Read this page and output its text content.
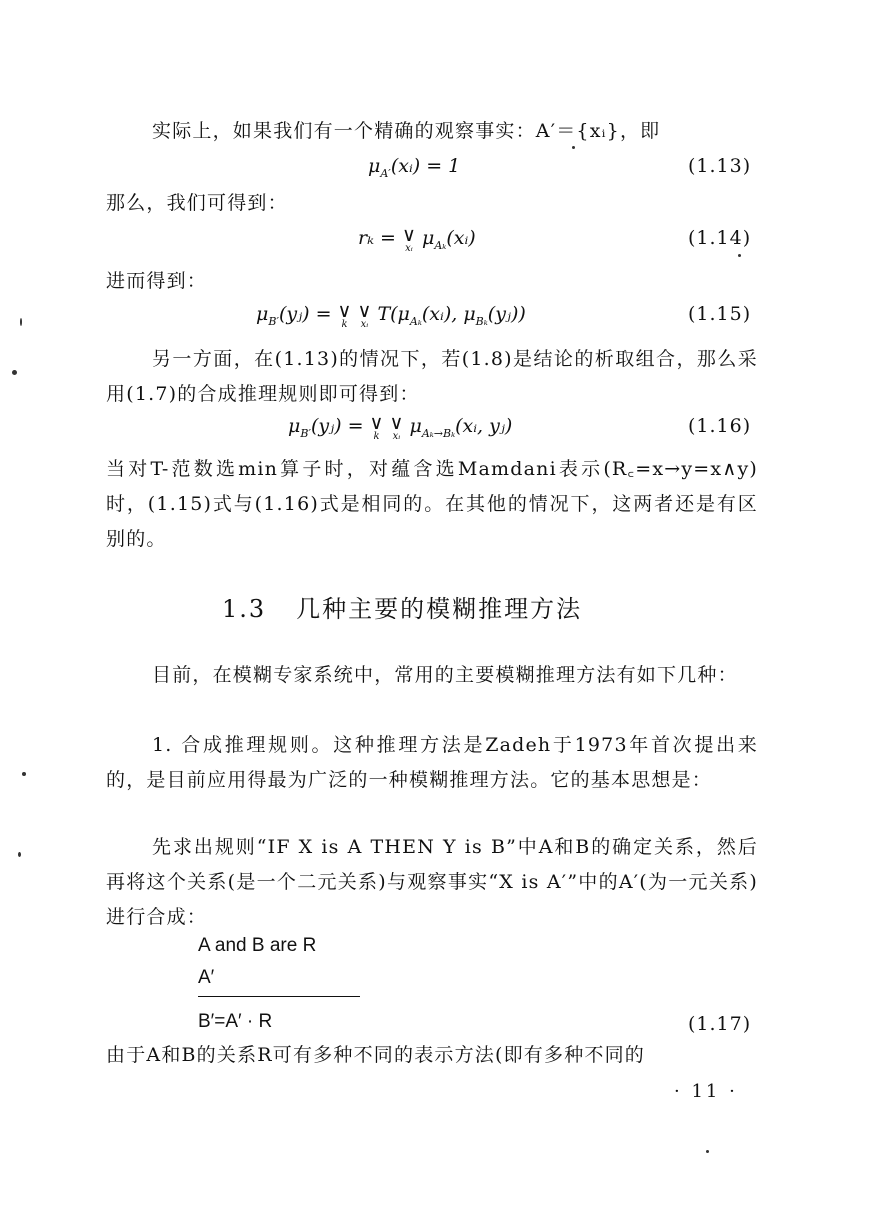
实际上，如果我们有一个精确的观察事实：A′＝{xᵢ}，即

$\mu_{A'}(xᵢ) = 1$	(1.13)

那么，我们可得到：

rₖ = ∨
xᵢ $\mu_{A_k}(xᵢ)$	(1.14)

进而得到：

$\mu_{B'}(yⱼ)$ = ∨
k
∨
xᵢ $T(\mu_{A_k}(xᵢ)$, $\mu_{B_k}(yⱼ)$)	(1.15)

另一方面，在(1.13)的情况下，若(1.8)是结论的析取组合，那么采用(1.7)的合成推理规则即可得到：

$\mu_{B'}(yⱼ)$ = ∨
k
∨
xᵢ $\mu_{A_k\to B_k}(xᵢ$, yⱼ)	(1.16)

当对T-范数选min算子时，对蕴含选Mamdani表示(R꜀=x→y=x∧y)时，(1.15)式与(1.16)式是相同的。在其他的情况下，这两者还是有区别的。

1.3 几种主要的模糊推理方法

目前，在模糊专家系统中，常用的主要模糊推理方法有如下几种：

1. 合成推理规则。这种推理方法是Zadeh于1973年首次提出来的，是目前应用得最为广泛的一种模糊推理方法。它的基本思想是：

先求出规则“IF X is A THEN Y is B”中A和B的确定关系，然后再将这个关系(是一个二元关系)与观察事实“X is A′”中的A′(为一元关系)进行合成：

A and B are R
A′
B′=A′ · R	(1.17)

由于A和B的关系R可有多种不同的表示方法(即有多种不同的

· 11 ·
